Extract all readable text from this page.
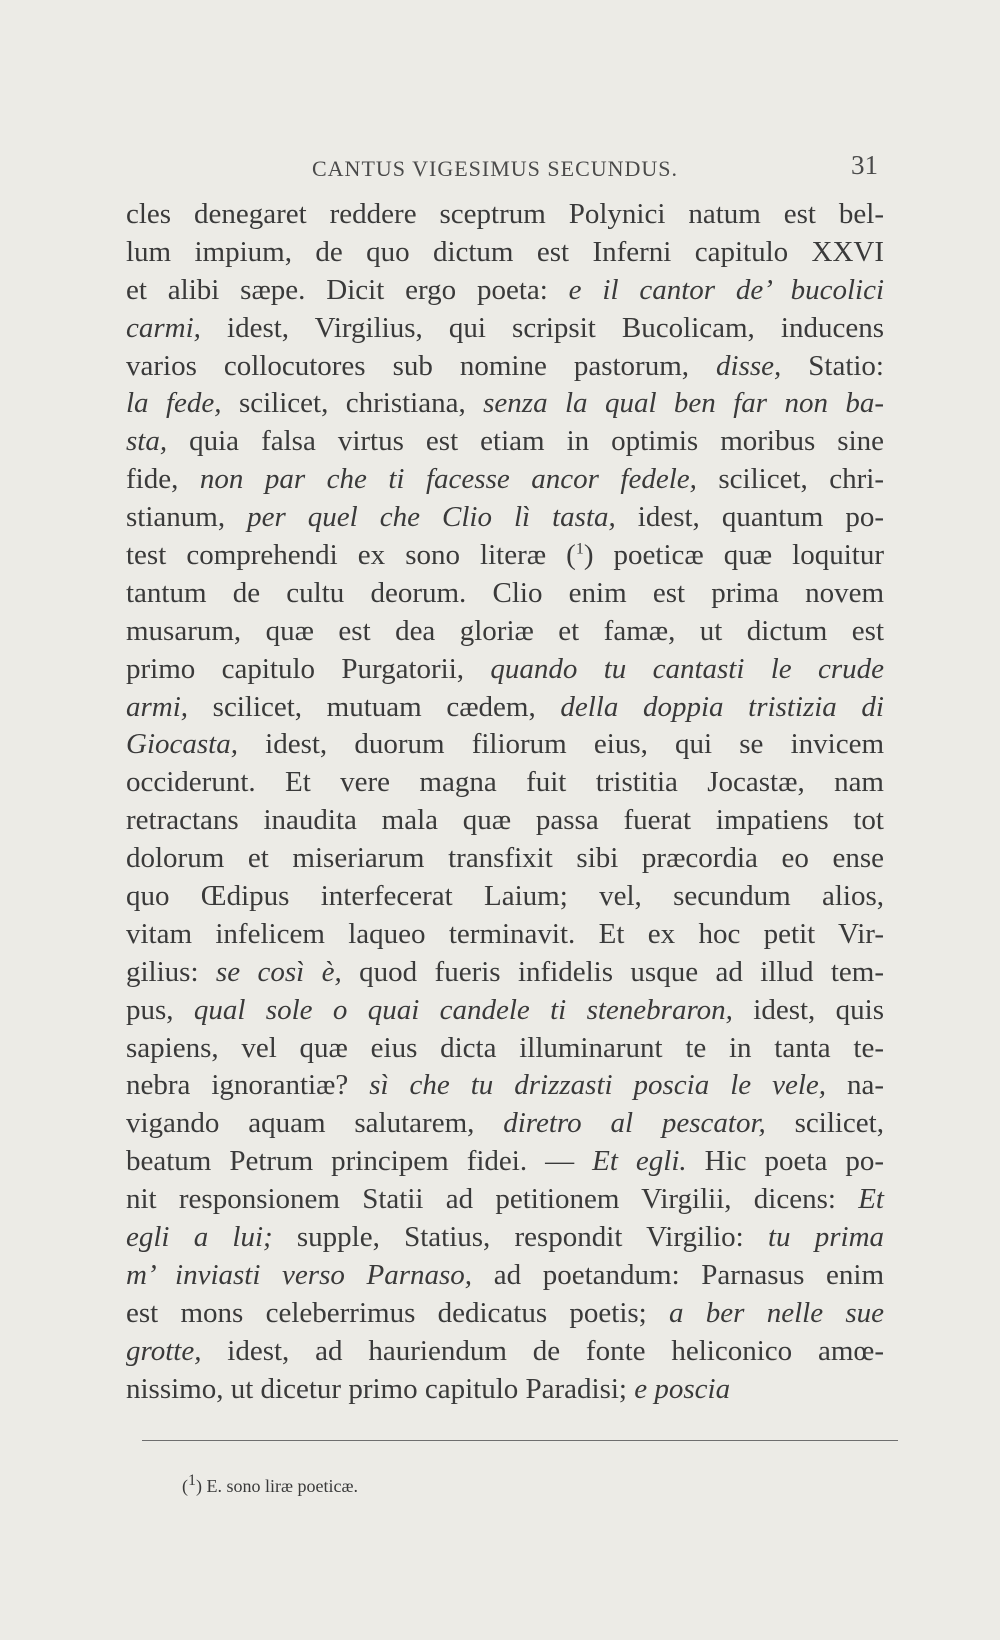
CANTUS VIGESIMUS SECUNDUS.	31
cles denegaret reddere sceptrum Polynici natum est bel-
lum impium, de quo dictum est Inferni capitulo XXVI
et alibi sæpe. Dicit ergo poeta: e il cantor de’ bucolici
carmi, idest, Virgilius, qui scripsit Bucolicam, inducens
varios collocutores sub nomine pastorum, disse, Statio:
la fede, scilicet, christiana, senza la qual ben far non ba-
sta, quia falsa virtus est etiam in optimis moribus sine
fide, non par che ti facesse ancor fedele, scilicet, chri-
stianum, per quel che Clio lì tasta, idest, quantum po-
test comprehendi ex sono literæ ($^1$) poeticæ quæ loquitur
tantum de cultu deorum. Clio enim est prima novem
musarum, quæ est dea gloriæ et famæ, ut dictum est
primo capitulo Purgatorii, quando tu cantasti le crude
armi, scilicet, mutuam cædem, della doppia tristizia di
Giocasta, idest, duorum filiorum eius, qui se invicem
occiderunt. Et vere magna fuit tristitia Jocastæ, nam
retractans inaudita mala quæ passa fuerat impatiens tot
dolorum et miseriarum transfixit sibi præcordia eo ense
quo Œdipus interfecerat Laium; vel, secundum alios,
vitam infelicem laqueo terminavit. Et ex hoc petit Vir-
gilius: se così è, quod fueris infidelis usque ad illud tem-
pus, qual sole o quai candele ti stenebraron, idest, quis
sapiens, vel quæ eius dicta illuminarunt te in tanta te-
nebra ignorantiæ? sì che tu drizzasti poscia le vele, na-
vigando aquam salutarem, diretro al pescator, scilicet,
beatum Petrum principem fidei. — Et egli. Hic poeta po-
nit responsionem Statii ad petitionem Virgilii, dicens: Et
egli a lui; supple, Statius, respondit Virgilio: tu prima
m’ inviasti verso Parnaso, ad poetandum: Parnasus enim
est mons celeberrimus dedicatus poetis; a ber nelle sue
grotte, idest, ad hauriendum de fonte heliconico amœ-
nissimo, ut dicetur primo capitulo Paradisi; e poscia
(1) E. sono liræ poeticæ.
